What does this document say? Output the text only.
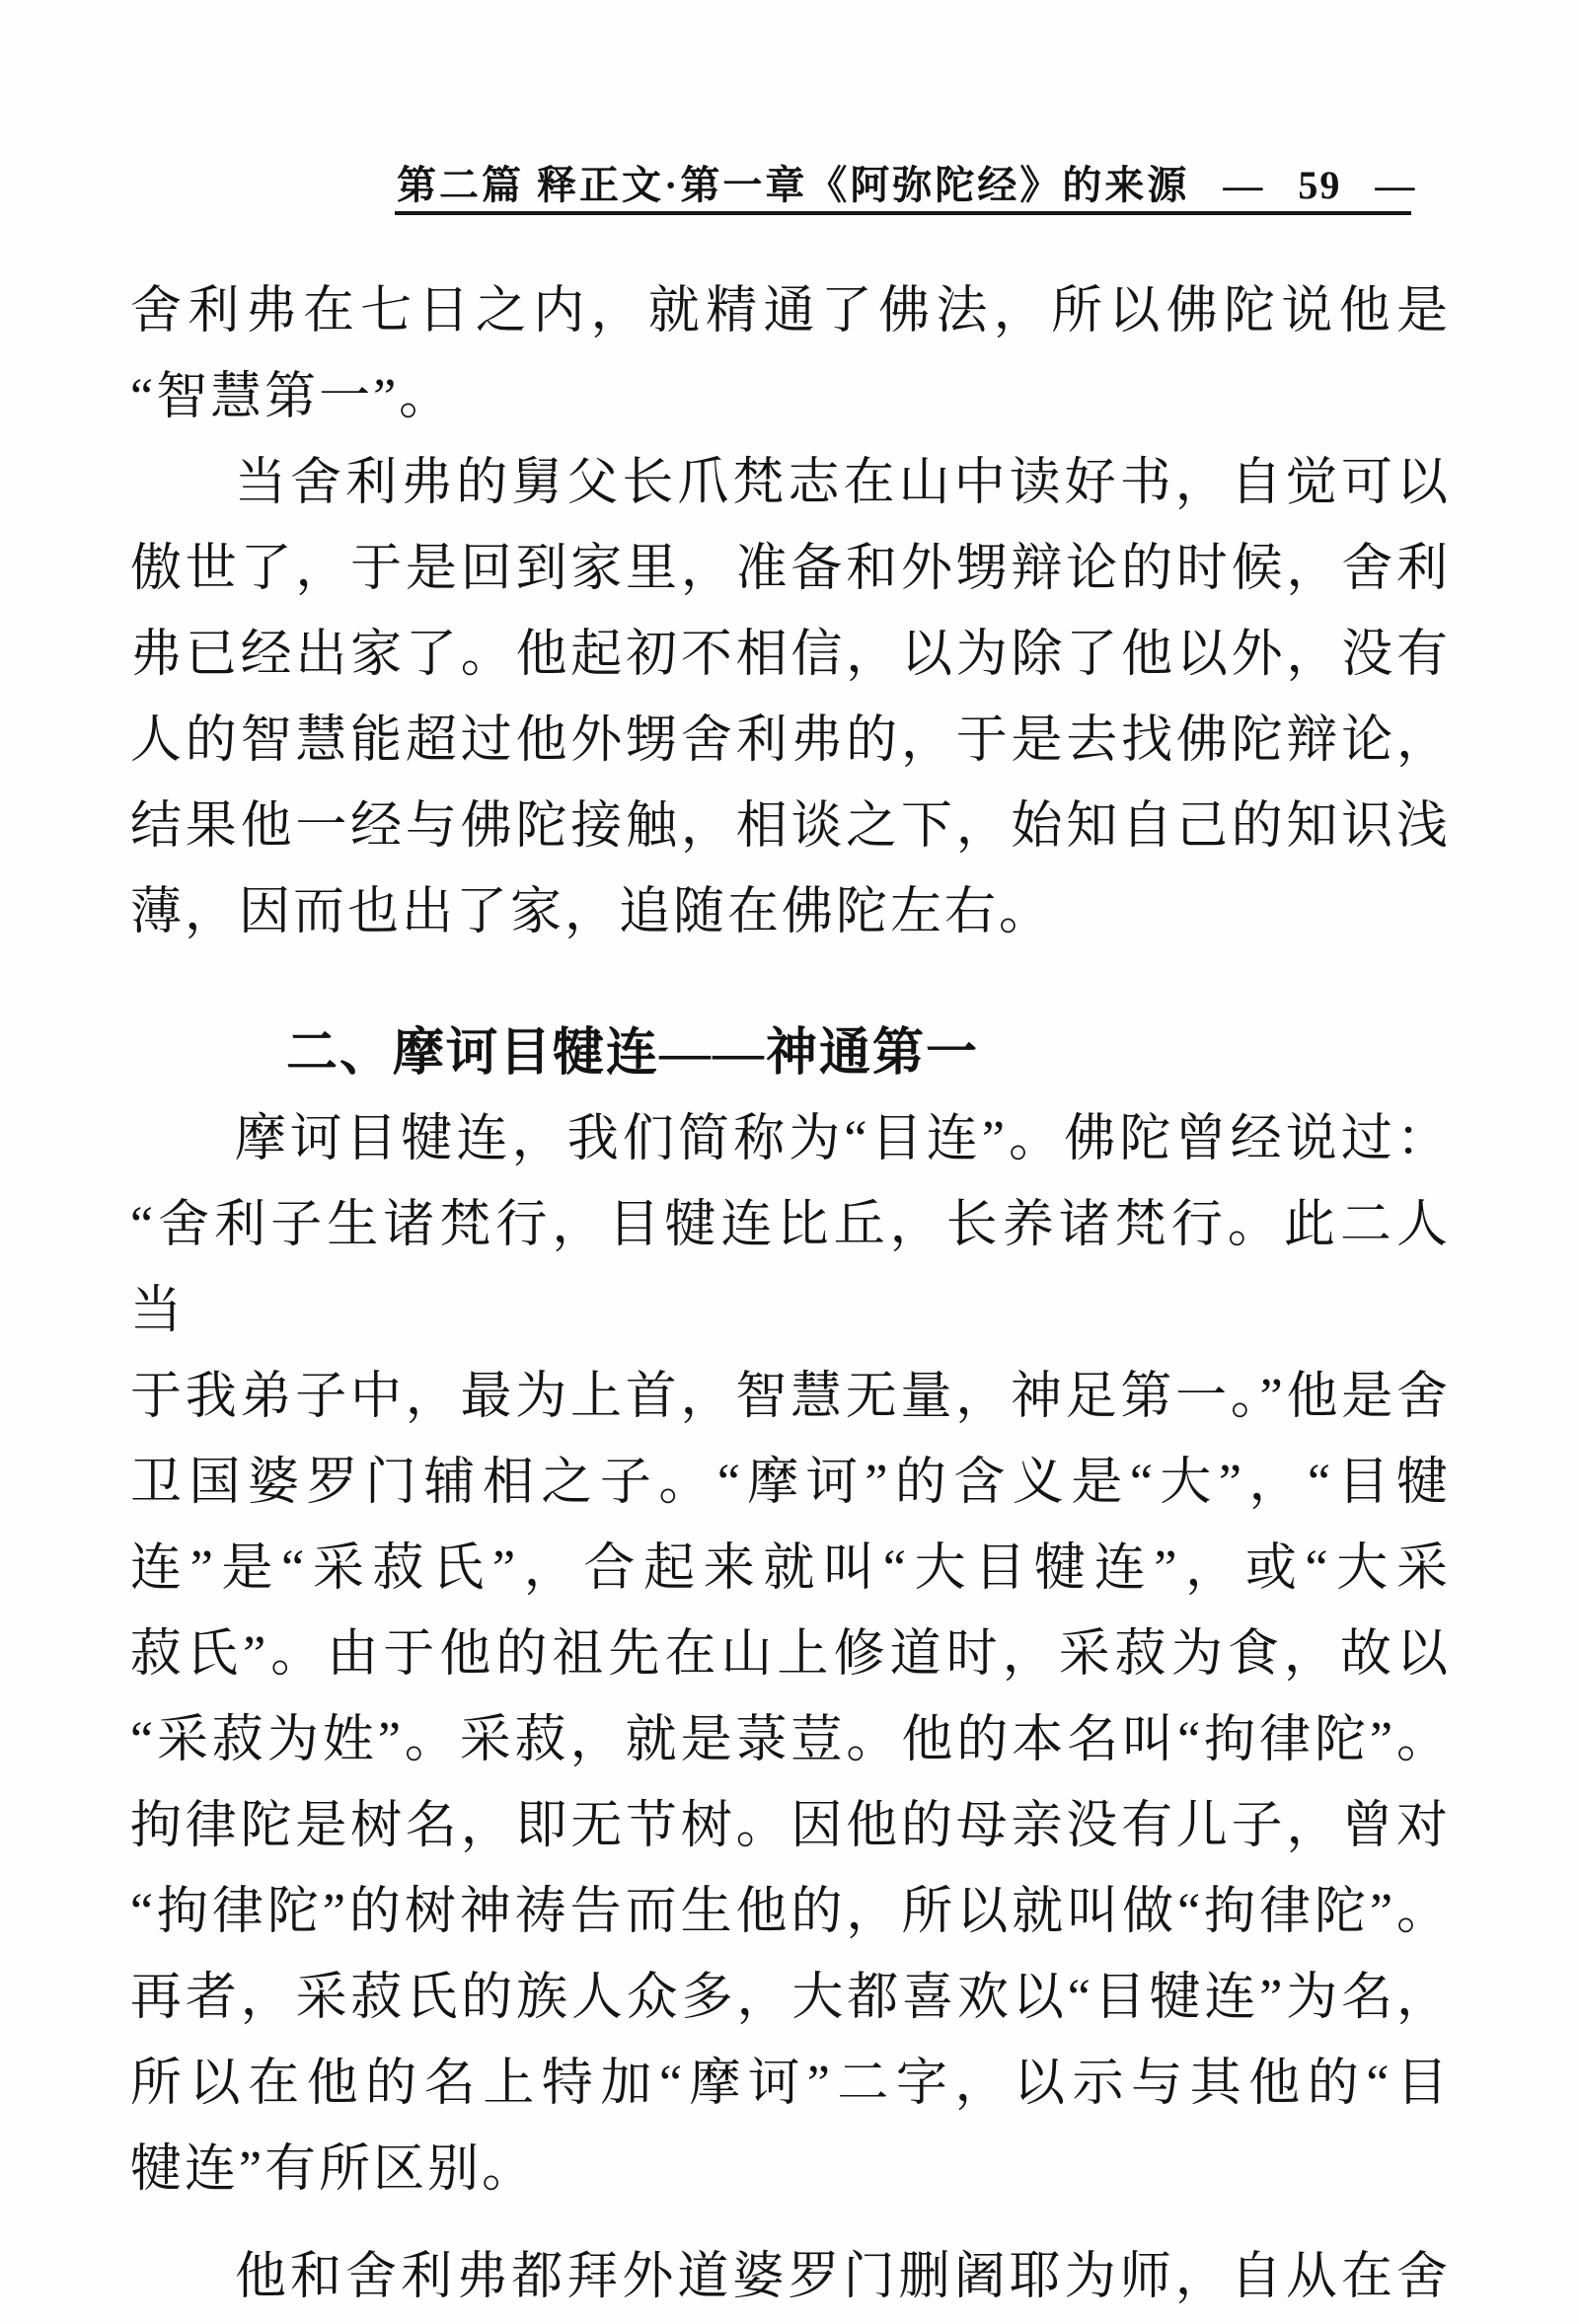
第二篇 释正文·第一章《阿弥陀经》的来源 — 59 —
舍利弗在七日之内，就精通了佛法，所以佛陀说他是
“智慧第一”。
当舍利弗的舅父长爪梵志在山中读好书，自觉可以
傲世了，于是回到家里，准备和外甥辩论的时候，舍利
弗已经出家了。他起初不相信，以为除了他以外，没有
人的智慧能超过他外甥舍利弗的，于是去找佛陀辩论，
结果他一经与佛陀接触，相谈之下，始知自己的知识浅
薄，因而也出了家，追随在佛陀左右。
二、摩诃目犍连——神通第一
摩诃目犍连，我们简称为“目连”。佛陀曾经说过：
“舍利子生诸梵行，目犍连比丘，长养诸梵行。此二人当
于我弟子中，最为上首，智慧无量，神足第一。”他是舍
卫国婆罗门辅相之子。“摩诃”的含义是“大”，“目犍
连”是“采菽氏”，合起来就叫“大目犍连”，或“大采
菽氏”。由于他的祖先在山上修道时，采菽为食，故以
“采菽为姓”。采菽，就是菉荳。他的本名叫“拘律陀”。
拘律陀是树名，即无节树。因他的母亲没有儿子，曾对
“拘律陀”的树神祷告而生他的，所以就叫做“拘律陀”。
再者，采菽氏的族人众多，大都喜欢以“目犍连”为名，
所以在他的名上特加“摩诃”二字，以示与其他的“目
犍连”有所区别。
他和舍利弗都拜外道婆罗门删阇耶为师，自从在舍
